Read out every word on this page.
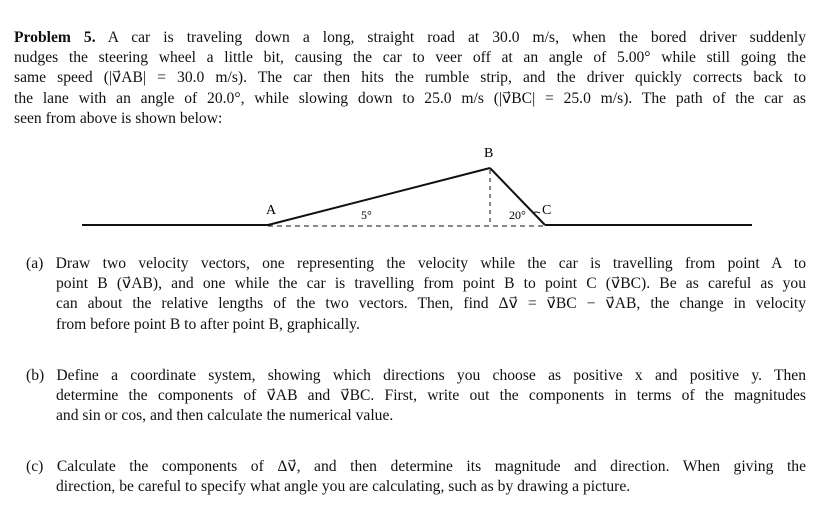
Problem 5. A car is traveling down a long, straight road at 30.0 m/s, when the bored driver suddenly
nudges the steering wheel a little bit, causing the car to veer off at an angle of 5.00° while still going the
same speed (|v⃗AB| = 30.0 m/s). The car then hits the rumble strip, and the driver quickly corrects back to
the lane with an angle of 20.0°, while slowing down to 25.0 m/s (|v⃗BC| = 25.0 m/s). The path of the car as
seen from above is shown below:
A
B
C
5°	20°
(a) Draw two velocity vectors, one representing the velocity while the car is travelling from point A to
point B (v⃗AB), and one while the car is travelling from point B to point C (v⃗BC). Be as careful as you
can about the relative lengths of the two vectors. Then, find Δv⃗ = v⃗BC − v⃗AB, the change in velocity
from before point B to after point B, graphically.
(b) Define a coordinate system, showing which directions you choose as positive x and positive y. Then
determine the components of v⃗AB and v⃗BC. First, write out the components in terms of the magnitudes
and sin or cos, and then calculate the numerical value.
(c) Calculate the components of Δv⃗, and then determine its magnitude and direction. When giving the
direction, be careful to specify what angle you are calculating, such as by drawing a picture.
